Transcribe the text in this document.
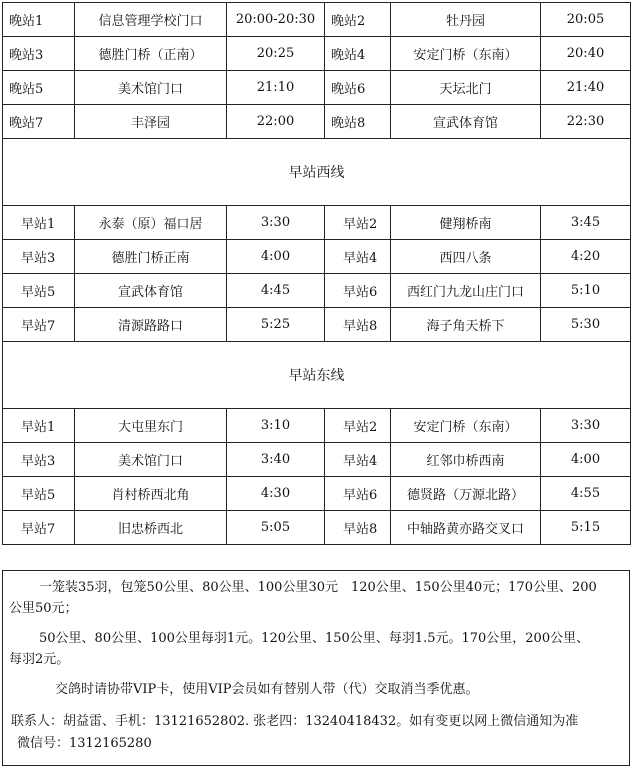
晚站1	信息管理学校门口	20:00-20:30	晚站2	牡丹园	20:05
晚站3	德胜门桥（正南）	20:25	晚站4	安定门桥（东南）	20:40
晚站5	美术馆门口	21:10	晚站6	天坛北门	21:40
晚站7	丰泽园	22:00	晚站8	宣武体育馆	22:30
早站西线					
早站1	永泰（原）福口居	3:30	早站2	健翔桥南	3:45
早站3	德胜门桥正南	4:00	早站4	西四八条	4:20
早站5	宣武体育馆	4:45	早站6	西红门九龙山庄门口	5:10
早站7	清源路路口	5:25	早站8	海子角天桥下	5:30
早站东线					
早站1	大屯里东门	3:10	早站2	安定门桥（东南）	3:30
早站3	美术馆门口	3:40	早站4	红邻巾桥西南	4:00
早站5	肖村桥西北角	4:30	早站6	德贤路（万源北路）	4:55
早站7	旧忠桥西北	5:05	早站8	中轴路黄亦路交叉口	5:15

一笼装35羽，包笼50公里、80公里、100公里30元　120公里、150公里40元；170公里、200

公里50元；

50公里、80公里、100公里每羽1元。120公里、150公里、每羽1.5元。170公里，200公里、

每羽2元。

交鸽时请协带VIP卡，使用VIP会员如有替别人带（代）交取消当季优惠。

联系人：胡益雷、手机：13121652802. 张老四：13240418432。如有变更以网上微信通知为准

微信号：1312165280
